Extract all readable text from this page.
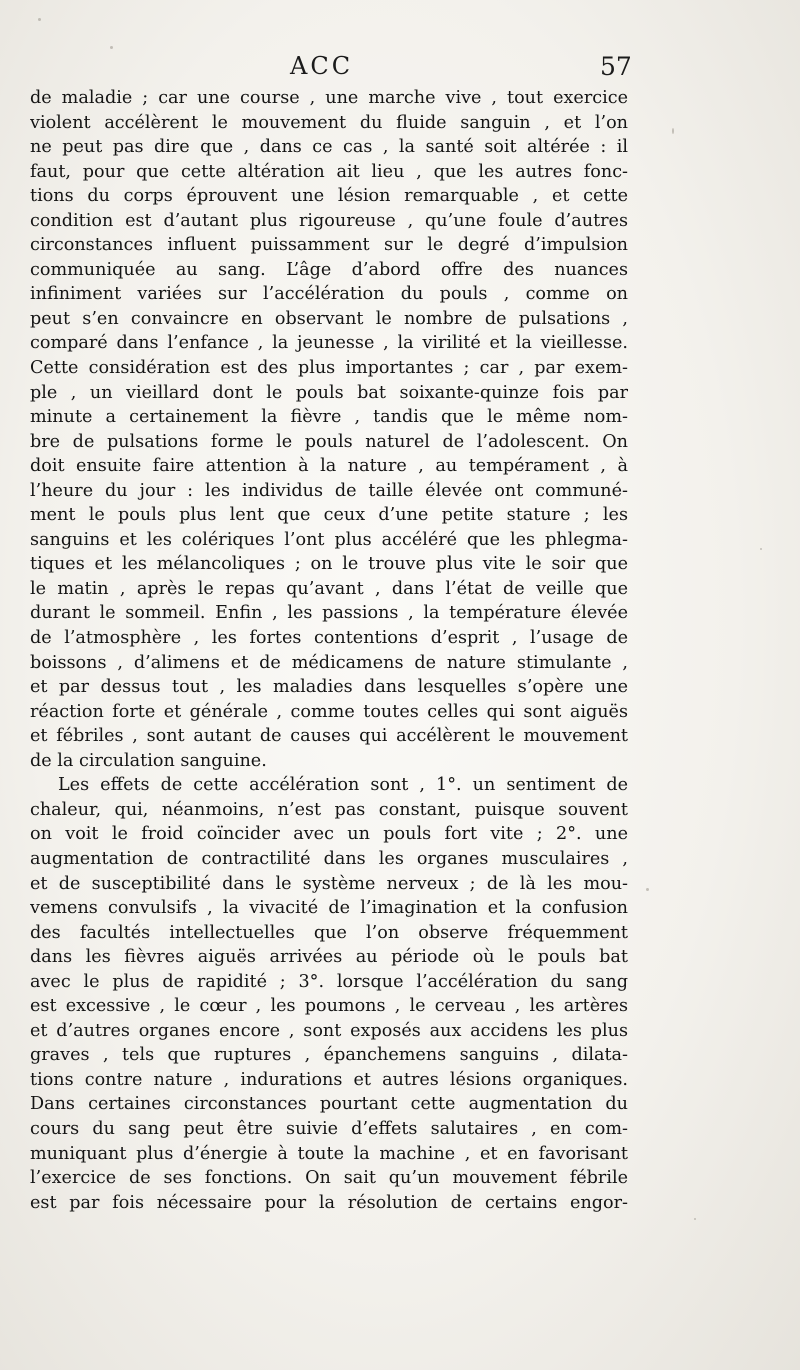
ACC	57
de maladie ; car une course , une marche vive , tout exercice
violent accélèrent le mouvement du fluide sanguin , et l’on
ne peut pas dire que , dans ce cas , la santé soit altérée : il
faut, pour que cette altération ait lieu , que les autres fonc-
tions du corps éprouvent une lésion remarquable , et cette
condition est d’autant plus rigoureuse , qu’une foule d’autres
circonstances influent puissamment sur le degré d’impulsion
communiquée au sang. L’âge d’abord offre des nuances
infiniment variées sur l’accélération du pouls , comme on
peut s’en convaincre en observant le nombre de pulsations ,
comparé dans l’enfance , la jeunesse , la virilité et la vieillesse.
Cette considération est des plus importantes ; car , par exem-
ple , un vieillard dont le pouls bat soixante-quinze fois par
minute a certainement la fièvre , tandis que le même nom-
bre de pulsations forme le pouls naturel de l’adolescent. On
doit ensuite faire attention à la nature , au tempérament , à
l’heure du jour : les individus de taille élevée ont communé-
ment le pouls plus lent que ceux d’une petite stature ; les
sanguins et les colériques l’ont plus accéléré que les phlegma-
tiques et les mélancoliques ; on le trouve plus vite le soir que
le matin , après le repas qu’avant , dans l’état de veille que
durant le sommeil. Enfin , les passions , la température élevée
de l’atmosphère , les fortes contentions d’esprit , l’usage de
boissons , d’alimens et de médicamens de nature stimulante ,
et par dessus tout , les maladies dans lesquelles s’opère une
réaction forte et générale , comme toutes celles qui sont aiguës
et fébriles , sont autant de causes qui accélèrent le mouvement
de la circulation sanguine.
Les effets de cette accélération sont , 1°. un sentiment de
chaleur, qui, néanmoins, n’est pas constant, puisque souvent
on voit le froid coïncider avec un pouls fort vite ; 2°. une
augmentation de contractilité dans les organes musculaires ,
et de susceptibilité dans le système nerveux ; de là les mou-
vemens convulsifs , la vivacité de l’imagination et la confusion
des facultés intellectuelles que l’on observe fréquemment
dans les fièvres aiguës arrivées au période où le pouls bat
avec le plus de rapidité ; 3°. lorsque l’accélération du sang
est excessive , le cœur , les poumons , le cerveau , les artères
et d’autres organes encore , sont exposés aux accidens les plus
graves , tels que ruptures , épanchemens sanguins , dilata-
tions contre nature , indurations et autres lésions organiques.
Dans certaines circonstances pourtant cette augmentation du
cours du sang peut être suivie d’effets salutaires , en com-
muniquant plus d’énergie à toute la machine , et en favorisant
l’exercice de ses fonctions. On sait qu’un mouvement fébrile
est par fois nécessaire pour la résolution de certains engor-
